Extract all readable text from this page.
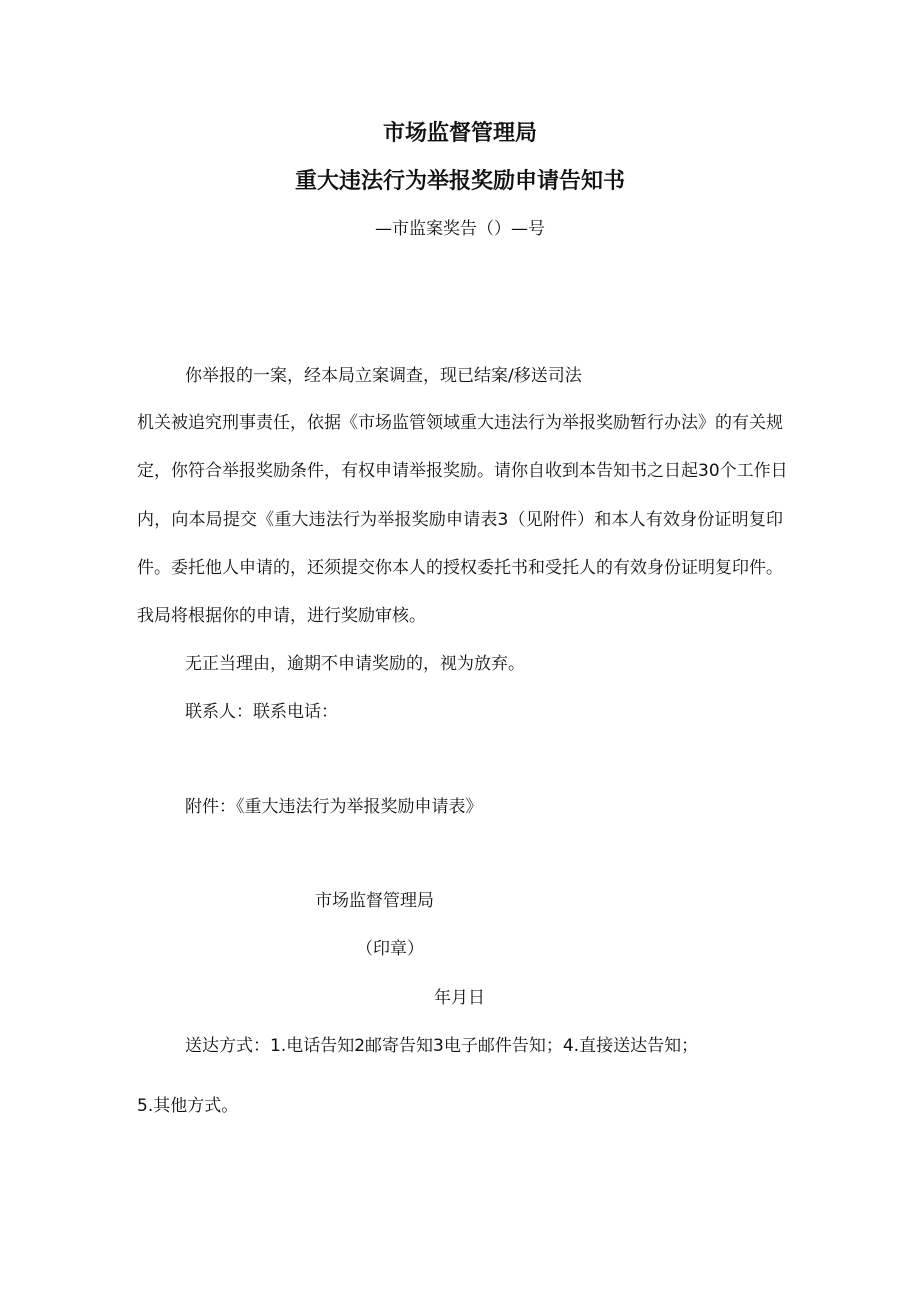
市场监督管理局
重大违法行为举报奖励申请告知书

—市监案奖告（）—号

你举报的一案，经本局立案调查，现已结案/移送司法

机关被追究刑事责任，依据《市场监管领域重大违法行为举报奖励暂行办法》的有关规

定，你符合举报奖励条件，有权申请举报奖励。请你自收到本告知书之日起30个工作日

内，向本局提交《重大违法行为举报奖励申请表3（见附件）和本人有效身份证明复印

件。委托他人申请的，还须提交你本人的授权委托书和受托人的有效身份证明复印件。

我局将根据你的申请，进行奖励审核。

无正当理由，逾期不申请奖励的，视为放弃。

联系人：联系电话：

附件：《重大违法行为举报奖励申请表》

市场监督管理局

（印章）

年月日

送达方式：1.电话告知2邮寄告知3电子邮件告知；4.直接送达告知；

5.其他方式。
